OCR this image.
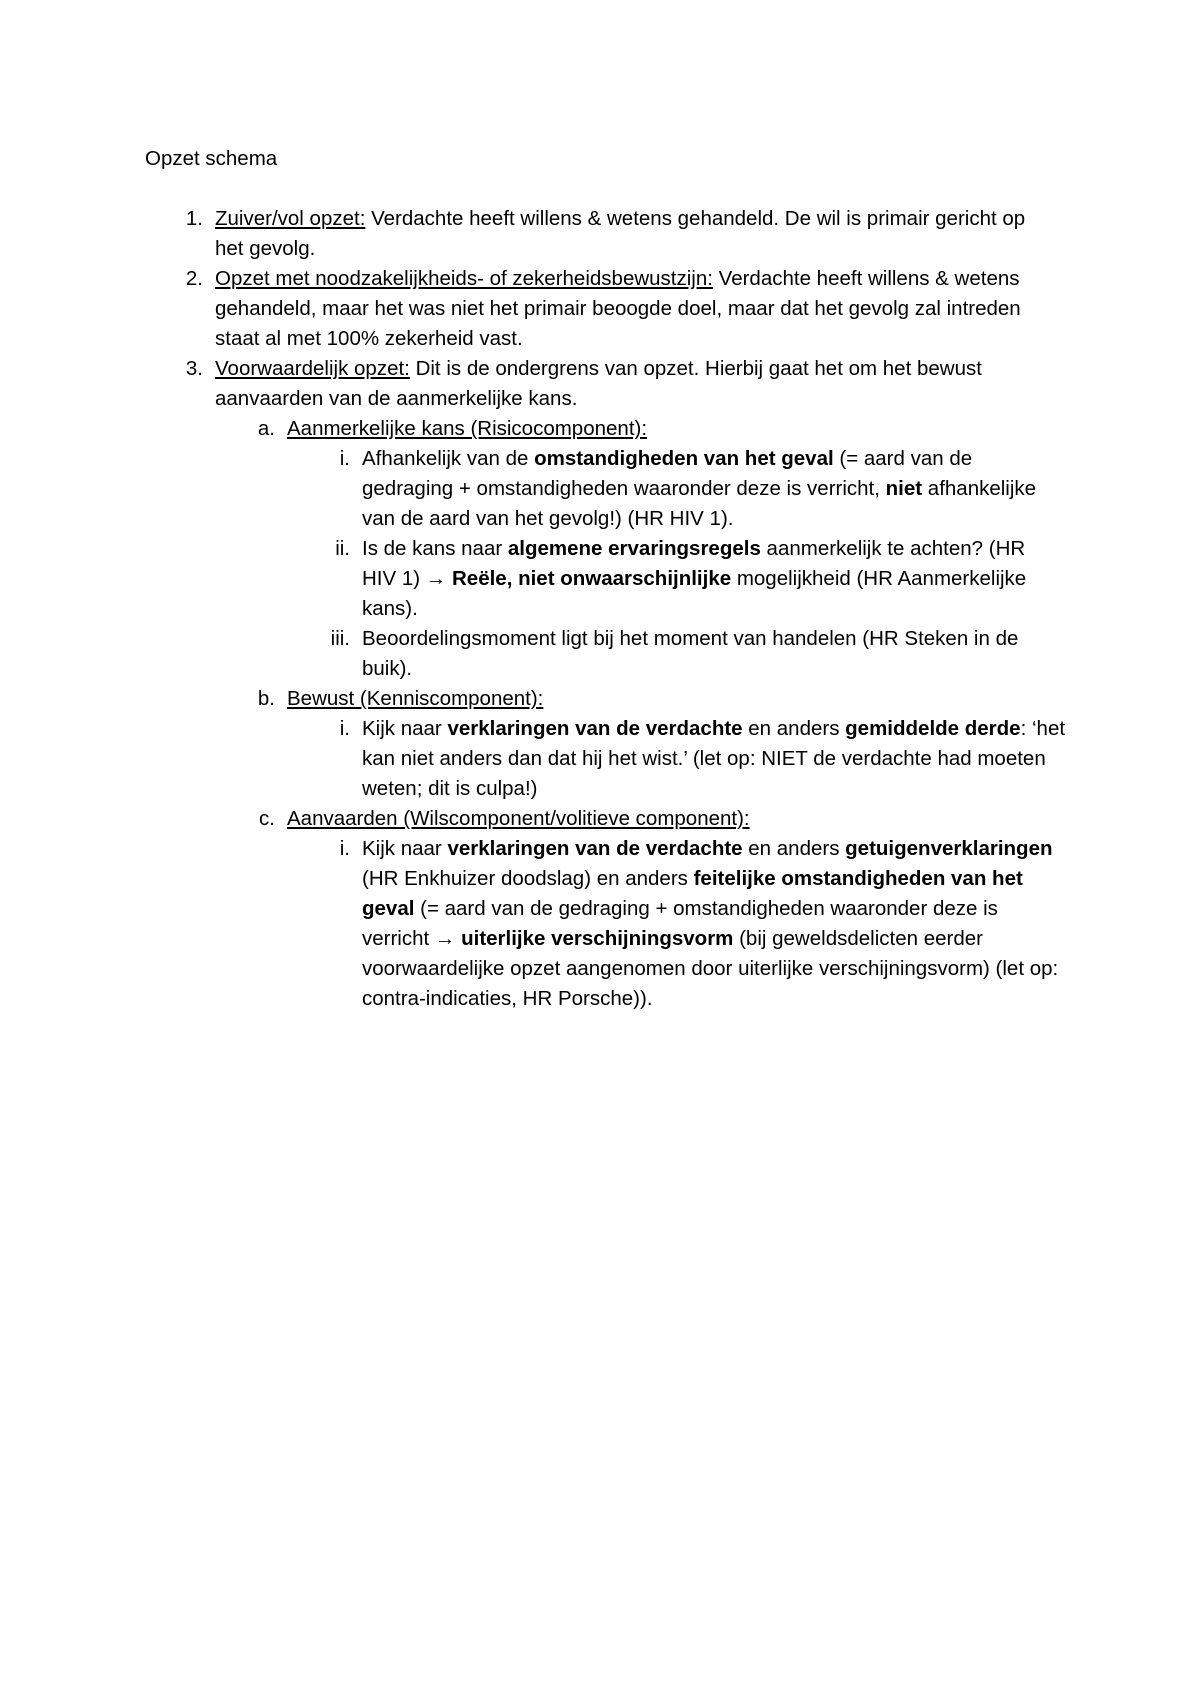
Opzet schema
1. Zuiver/vol opzet: Verdachte heeft willens & wetens gehandeld. De wil is primair gericht op het gevolg.

2. Opzet met noodzakelijkheids- of zekerheidsbewustzijn: Verdachte heeft willens & wetens gehandeld, maar het was niet het primair beoogde doel, maar dat het gevolg zal intreden staat al met 100% zekerheid vast.

3. Voorwaardelijk opzet: Dit is de ondergrens van opzet. Hierbij gaat het om het bewust aanvaarden van de aanmerkelijke kans.

a. Aanmerkelijke kans (Risicocomponent):

i. Afhankelijk van de omstandigheden van het geval (= aard van de gedraging + omstandigheden waaronder deze is verricht, niet afhankelijke van de aard van het gevolg!) (HR HIV 1).

ii. Is de kans naar algemene ervaringsregels aanmerkelijk te achten? (HR HIV 1) → Reële, niet onwaarschijnlijke mogelijkheid (HR Aanmerkelijke kans).

iii. Beoordelingsmoment ligt bij het moment van handelen (HR Steken in de buik).

b. Bewust (Kenniscomponent):

i. Kijk naar verklaringen van de verdachte en anders gemiddelde derde: ‘het kan niet anders dan dat hij het wist.’ (let op: NIET de verdachte had moeten weten; dit is culpa!)

c. Aanvaarden (Wilscomponent/volitieve component):

i. Kijk naar verklaringen van de verdachte en anders getuigenverklaringen (HR Enkhuizer doodslag) en anders feitelijke omstandigheden van het geval (= aard van de gedraging + omstandigheden waaronder deze is verricht → uiterlijke verschijningsvorm (bij geweldsdelicten eerder voorwaardelijke opzet aangenomen door uiterlijke verschijningsvorm) (let op: contra-indicaties, HR Porsche)).
